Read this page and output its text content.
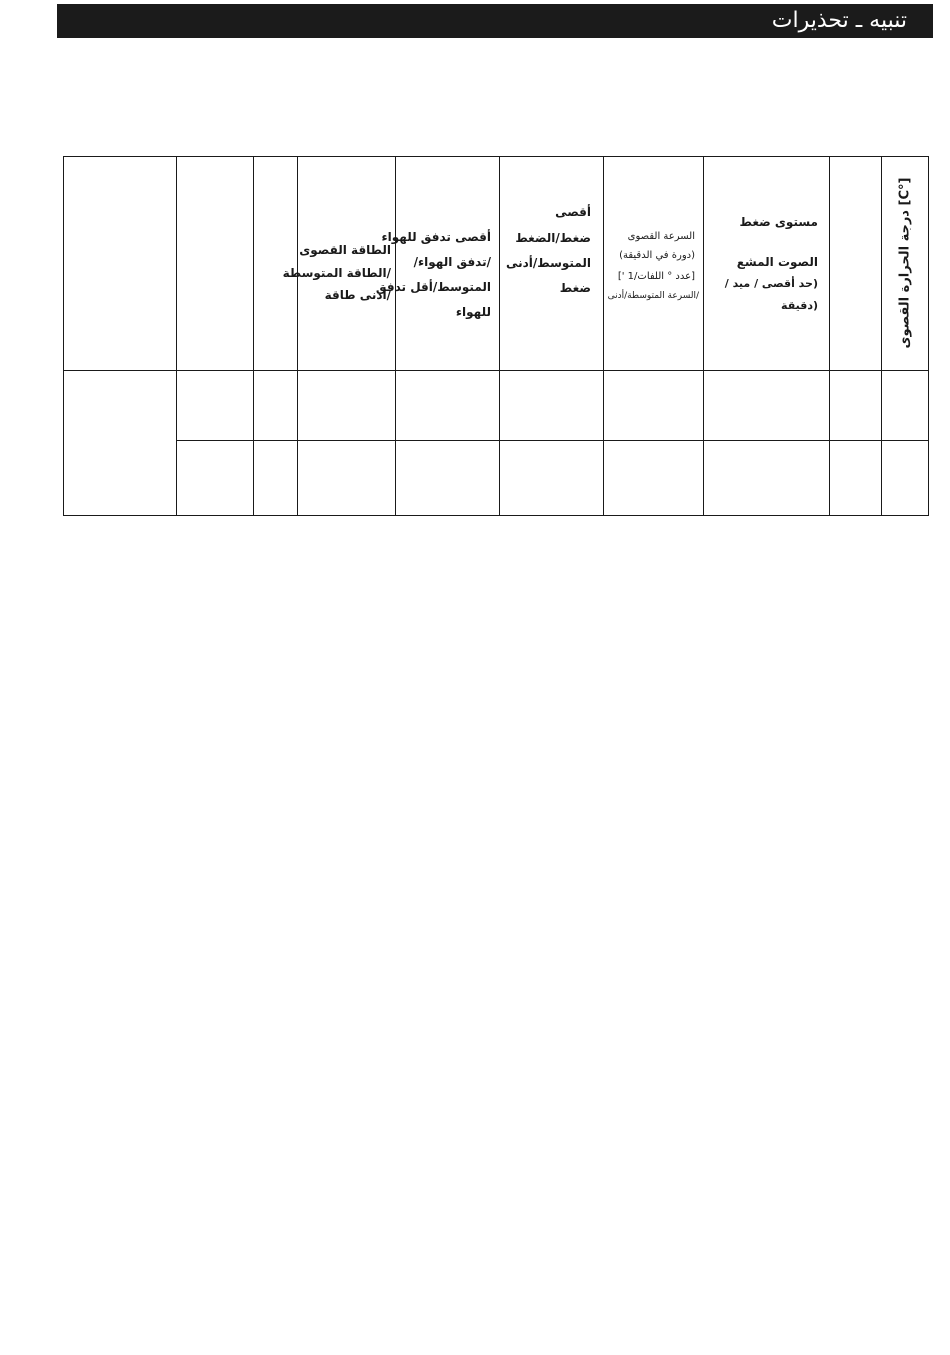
تنبيه ـ تحذيرات
[°C] درجة الحرارة القصوى
مستوى ضغط
الصوت المشع
(حد أقصى / ميد /
(دقيقة
السرعة القصوى
(دورة في الدقيقة)
[عدد ° اللفات/1 ']
/السرعة المتوسطة/أدنى
أقصى
ضغط/الضغط
المتوسط/أدنى
ضغط
أقصى تدفق للهواء
/تدفق الهواء/
المتوسط/أقل تدفق
للهواء
الطاقة القصوى
/الطاقة المتوسطة
/أدنى طاقة
